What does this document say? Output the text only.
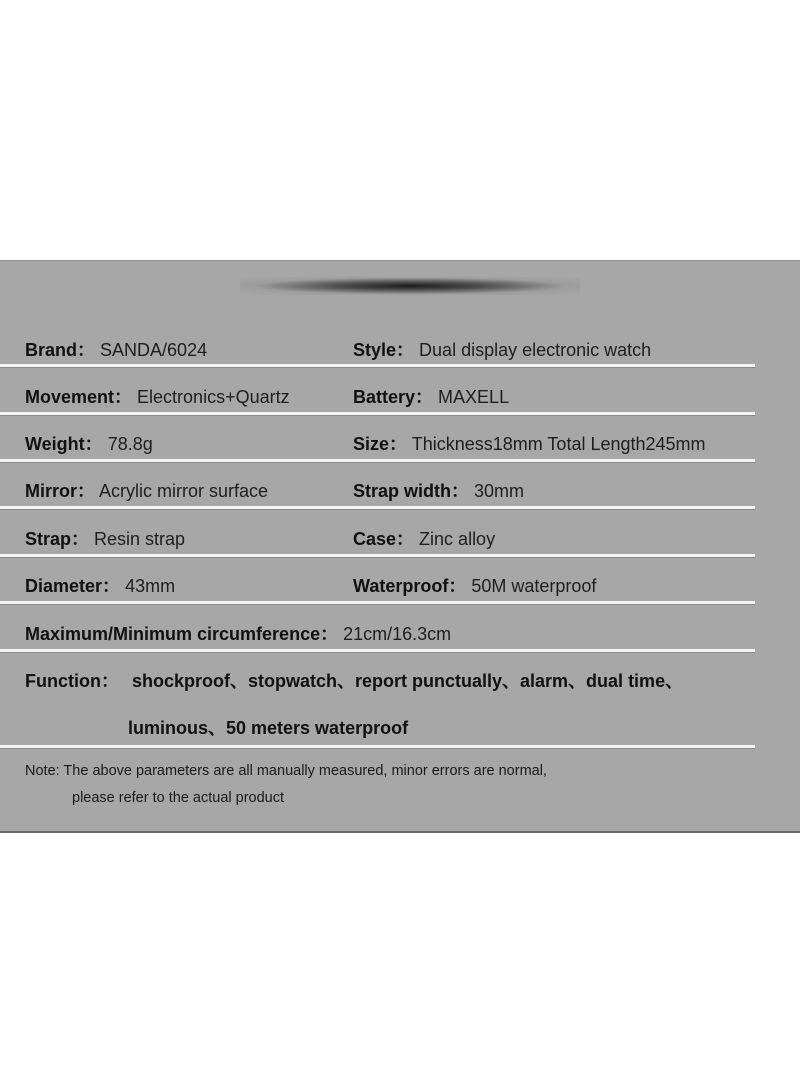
Brand： SANDA/6024	Style： Dual display electronic watch
Movement： Electronics+Quartz	Battery： MAXELL
Weight： 78.8g	Size： Thickness18mm Total Length245mm
Mirror： Acrylic mirror surface	Strap width： 30mm
Strap： Resin strap	Case： Zinc alloy
Diameter： 43mm	Waterproof： 50M waterproof
Maximum/Minimum circumference： 21cm/16.3cm
Function： shockproof、stopwatch、report punctually、alarm、dual time、
luminous、50 meters waterproof
Note: The above parameters are all manually measured, minor errors are normal,
please refer to the actual product
